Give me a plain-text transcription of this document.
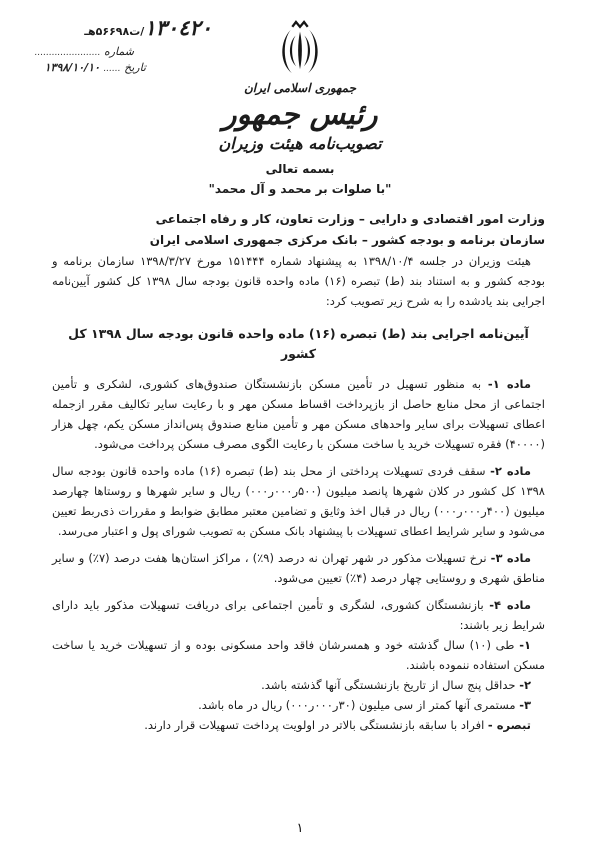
١٣٠٤٢٠/ت۵۶۶۹۸هـ
شماره .......................
تاریخ ...... ۱۳۹۸/۱۰/۱۰
جمهوری اسلامی ایران
رئیس جمهور
تصویب‌نامه هیئت وزیران
بسمه تعالی
"با صلوات بر محمد و آل محمد"
وزارت امور اقتصادی و دارایی – وزارت تعاون، کار و رفاه اجتماعی
سازمان برنامه و بودجه کشور – بانک مرکزی جمهوری اسلامی ایران

هیئت وزیران در جلسه ۱۳۹۸/۱۰/۴ به پیشنهاد شماره ۱۵۱۴۴۴ مورخ ۱۳۹۸/۳/۲۷ سازمان برنامه و بودجه کشور و به استناد بند (ط) تبصره (۱۶) ماده واحده قانون بودجه سال ۱۳۹۸ کل کشور آیین‌نامه اجرایی بند یادشده را به شرح زیر تصویب کرد:

آیین‌نامه اجرایی بند (ط) تبصره (۱۶) ماده واحده قانون بودجه سال ۱۳۹۸ کل کشور

ماده ۱- به منظور تسهیل در تأمین مسکن بازنشستگان صندوق‌های کشوری، لشکری و تأمین اجتماعی از محل منابع حاصل از بازپرداخت اقساط مسکن مهر و با رعایت سایر تکالیف مقرر ازجمله اعطای تسهیلات برای سایر واحدهای مسکن مهر و تأمین منابع صندوق پس‌انداز مسکن یکم، چهل هزار (۴۰۰۰۰) فقره تسهیلات خرید یا ساخت مسکن با رعایت الگوی مصرف مسکن پرداخت می‌شود.

ماده ۲- سقف فردی تسهیلات پرداختی از محل بند (ط) تبصره (۱۶) ماده واحده قانون بودجه سال ۱۳۹۸ کل کشور در کلان شهرها پانصد میلیون (۵۰۰ر۰۰۰ر۰۰۰) ریال و سایر شهرها و روستاها چهارصد میلیون (۴۰۰ر۰۰۰ر۰۰۰) ریال در قبال اخذ وثایق و تضامین معتبر مطابق ضوابط و مقررات ذی‌ربط تعیین می‌شود و سایر شرایط اعطای تسهیلات با پیشنهاد بانک مسکن به تصویب شورای پول و اعتبار می‌رسد.

ماده ۳- نرخ تسهیلات مذکور در شهر تهران نه درصد (۹٪) ، مراکز استان‌ها هفت درصد (۷٪) و سایر مناطق شهری و روستایی چهار درصد (۴٪) تعیین می‌شود.

ماده ۴- بازنشستگان کشوری، لشگری و تأمین اجتماعی برای دریافت تسهیلات مذکور باید دارای شرایط زیر باشند:

۱- طی (۱۰) سال گذشته خود و همسرشان فاقد واحد مسکونی بوده و از تسهیلات خرید یا ساخت مسکن استفاده ننموده باشند.

۲- حداقل پنج سال از تاریخ بازنشستگی آنها گذشته باشد.

۳- مستمری آنها کمتر از سی میلیون (۳۰ر۰۰۰ر۰۰۰) ریال در ماه باشد.

تبصره - افراد با سابقه بازنشستگی بالاتر در اولویت پرداخت تسهیلات قرار دارند.

۱
